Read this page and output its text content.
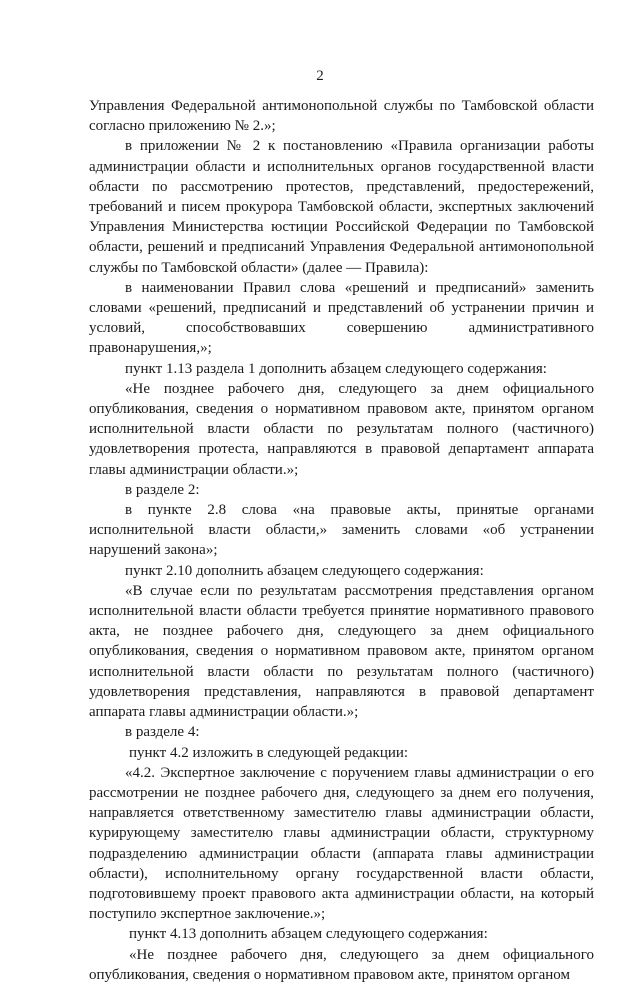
2

Управления Федеральной антимонопольной службы по Тамбовской области согласно приложению № 2.»;

в приложении № 2 к постановлению «Правила организации работы администрации области и исполнительных органов государственной власти области по рассмотрению протестов, представлений, предостережений, требований и писем прокурора Тамбовской области, экспертных заключений Управления Министерства юстиции Российской Федерации по Тамбовской области, решений и предписаний Управления Федеральной антимонопольной службы по Тамбовской области» (далее — Правила):

в наименовании Правил слова «решений и предписаний» заменить словами «решений, предписаний и представлений об устранении причин и условий, способствовавших совершению административного правонарушения,»;

пункт 1.13 раздела 1 дополнить абзацем следующего содержания:

«Не позднее рабочего дня, следующего за днем официального опубликования, сведения о нормативном правовом акте, принятом органом исполнительной власти области по результатам полного (частичного) удовлетворения протеста, направляются в правовой департамент аппарата главы администрации области.»;

в разделе 2:

в пункте 2.8 слова «на правовые акты, принятые органами исполнительной власти области,» заменить словами «об устранении нарушений закона»;

пункт 2.10 дополнить абзацем следующего содержания:

«В случае если по результатам рассмотрения представления органом исполнительной власти области требуется принятие нормативного правового акта, не позднее рабочего дня, следующего за днем официального опубликования, сведения о нормативном правовом акте, принятом органом исполнительной власти области по результатам полного (частичного) удовлетворения представления, направляются в правовой департамент аппарата главы администрации области.»;

в разделе 4:

пункт 4.2 изложить в следующей редакции:

«4.2. Экспертное заключение с поручением главы администрации о его рассмотрении не позднее рабочего дня, следующего за днем его получения, направляется ответственному заместителю главы администрации области, курирующему заместителю главы администрации области, структурному подразделению администрации области (аппарата главы администрации области), исполнительному органу государственной власти области, подготовившему проект правового акта администрации области, на который поступило экспертное заключение.»;

пункт 4.13 дополнить абзацем следующего содержания:

«Не позднее рабочего дня, следующего за днем официального опубликования, сведения о нормативном правовом акте, принятом органом
